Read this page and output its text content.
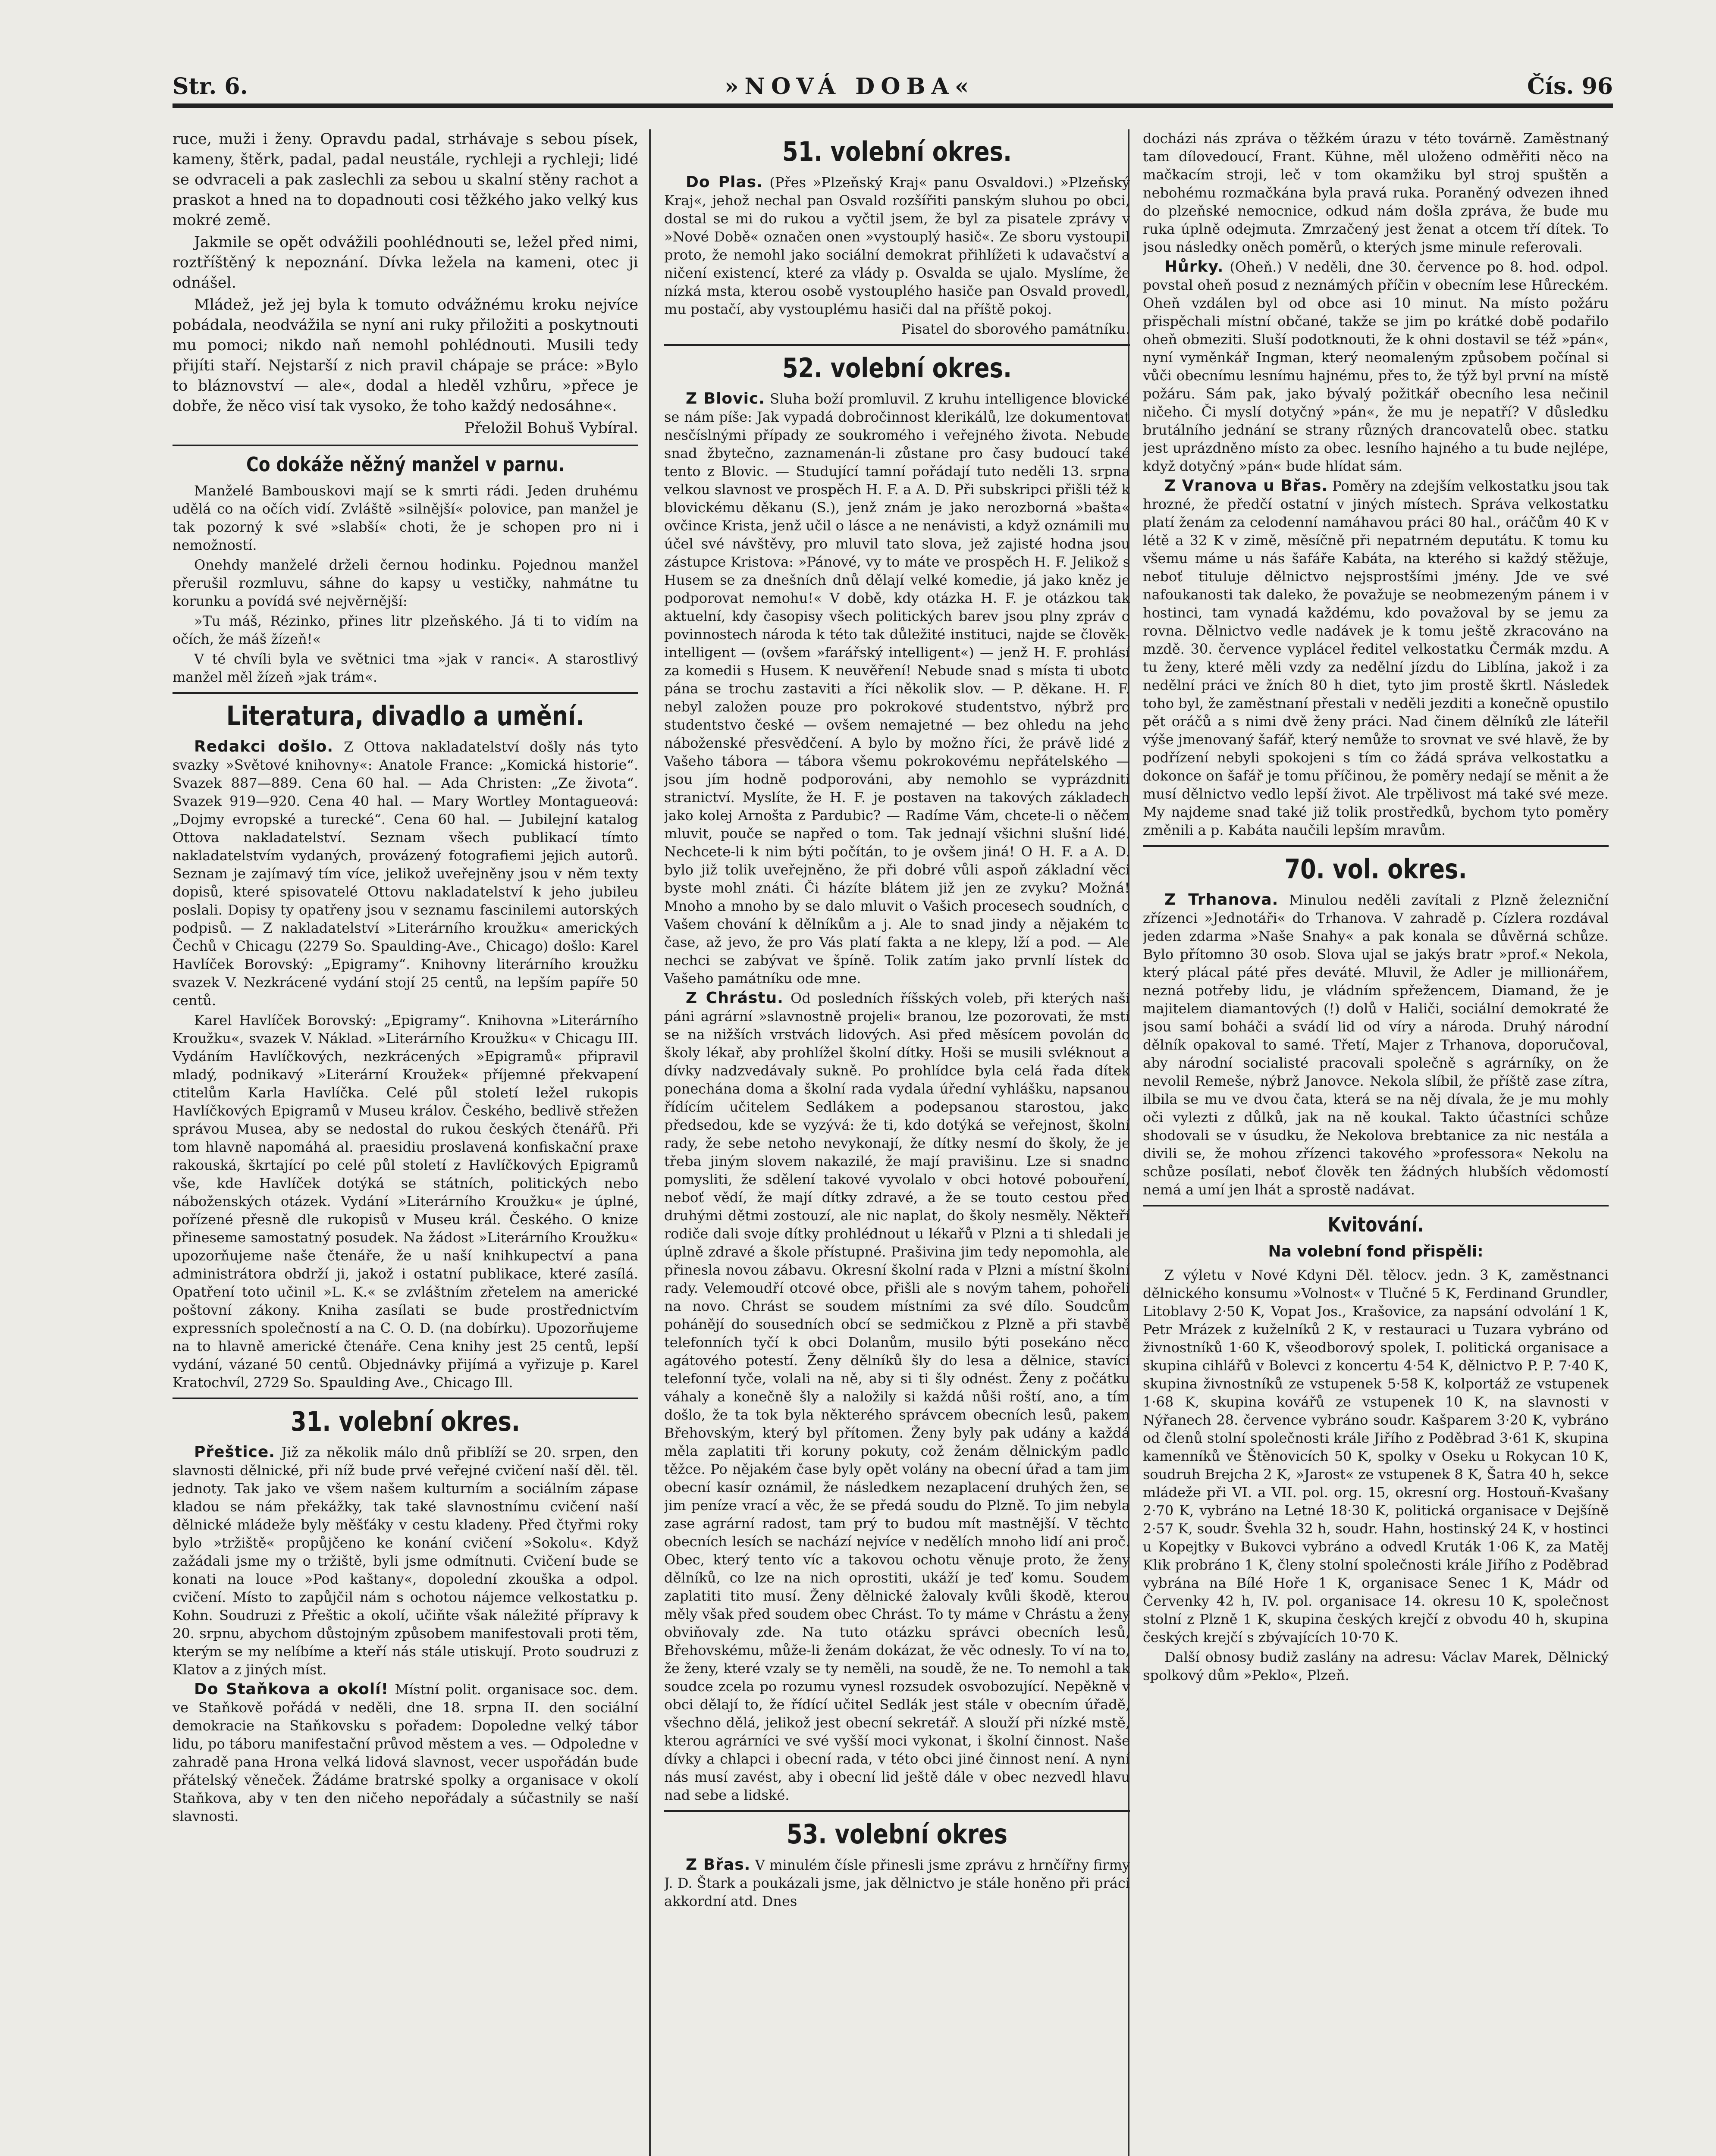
Str. 6.	»NOVÁ DOBA«	Čís. 96

ruce, muži i ženy. Opravdu padal, strhávaje s sebou písek, kameny, štěrk, padal, padal neustále, rychleji a rychleji; lidé se odvraceli a pak zaslechli za sebou u skalní stěny rachot a praskot a hned na to dopadnouti cosi těžkého jako velký kus mokré země.

Jakmile se opět odvážili poohlédnouti se, ležel před nimi, roztříštěný k nepoznání. Dívka ležela na kameni, otec ji odnášel.

Mládež, jež jej byla k tomuto odvážnému kroku nejvíce pobádala, neodvážila se nyní ani ruky přiložiti a poskytnouti mu pomoci; nikdo naň nemohl pohlédnouti. Musili tedy přijíti staří. Nejstarší z nich pravil chápaje se práce: »Bylo to bláznovství — ale«, dodal a hleděl vzhůru, »přece je dobře, že něco visí tak vysoko, že toho každý nedosáhne«.

Přeložil Bohuš Vybíral.

Co dokáže něžný manžel v parnu.

Manželé Bambouskovi mají se k smrti rádi. Jeden druhému udělá co na očích vidí. Zvláště »silnější« polovice, pan manžel je tak pozorný k své »slabší« choti, že je schopen pro ni i nemožností.

Onehdy manželé drželi černou hodinku. Pojednou manžel přerušil rozmluvu, sáhne do kapsy u vestičky, nahmátne tu korunku a povídá své nejvěrnější:

»Tu máš, Rézinko, přines litr plzeňského. Já ti to vidím na očích, že máš žízeň!«

V té chvíli byla ve světnici tma »jak v ranci«. A starostlivý manžel měl žízeň »jak trám«.

Literatura, divadlo a umění.

Redakci došlo. Z Ottova nakladatelství došly nás tyto svazky »Světové knihovny«: Anatole France: „Komická historie“. Svazek 887—889. Cena 60 hal. — Ada Christen: „Ze života“. Svazek 919—920. Cena 40 hal. — Mary Wortley Montagueová: „Dojmy evropské a turecké“. Cena 60 hal. — Jubilejní katalog Ottova nakladatelství. Seznam všech publikací tímto nakladatelstvím vydaných, provázený fotografiemi jejich autorů. Seznam je zajímavý tím více, jelikož uveřejněny jsou v něm texty dopisů, které spisovatelé Ottovu nakladatelství k jeho jubileu poslali. Dopisy ty opatřeny jsou v seznamu fascinilemi autorských podpisů. — Z nakladatelství »Literárního kroužku« amerických Čechů v Chicagu (2279 So. Spaulding-Ave., Chicago) došlo: Karel Havlíček Borovský: „Epigramy“. Knihovny literárního kroužku svazek V. Nezkrácené vydání stojí 25 centů, na lepším papíře 50 centů.

Karel Havlíček Borovský: „Epigramy“. Knihovna »Literárního Kroužku«, svazek V. Náklad. »Literárního Kroužku« v Chicagu III. Vydáním Havlíčkových, nezkrácených »Epigramů« připravil mladý, podnikavý »Literární Kroužek« příjemné překvapení ctitelům Karla Havlíčka. Celé půl století ležel rukopis Havlíčkových Epigramů v Museu králov. Českého, bedlivě střežen správou Musea, aby se nedostal do rukou českých čtenářů. Při tom hlavně napomáhá al. praesidiu proslavená konfiskační praxe rakouská, škrtající po celé půl století z Havlíčkových Epigramů vše, kde Havlíček dotýká se státních, politických nebo náboženských otázek. Vydání »Literárního Kroužku« je úplné, pořízené přesně dle rukopisů v Museu král. Českého. O knize přineseme samostatný posudek. Na žádost »Literárního Kroužku« upozorňujeme naše čtenáře, že u naší knihkupectví a pana administrátora obdrží ji, jakož i ostatní publikace, které zasílá. Opatření toto učinil »L. K.« se zvláštním zřetelem na americké poštovní zákony. Kniha zasílati se bude prostřednictvím expressních společností a na C. O. D. (na dobírku). Upozorňujeme na to hlavně americké čtenáře. Cena knihy jest 25 centů, lepší vydání, vázané 50 centů. Objednávky přijímá a vyřizuje p. Karel Kratochvíl, 2729 So. Spaulding Ave., Chicago Ill.

31. volební okres.

Přeštice. Již za několik málo dnů přiblíží se 20. srpen, den slavnosti dělnické, při níž bude prvé veřejné cvičení naší děl. těl. jednoty. Tak jako ve všem našem kulturním a sociálním zápase kladou se nám překážky, tak také slavnostnímu cvičení naší dělnické mládeže byly měšťáky v cestu kladeny. Před čtyřmi roky bylo »tržiště« propůjčeno ke konání cvičení »Sokolu«. Když zažádali jsme my o tržiště, byli jsme odmítnuti. Cvičení bude se konati na louce »Pod kaštany«, dopolední zkouška a odpol. cvičení. Místo to zapůjčil nám s ochotou nájemce velkostatku p. Kohn. Soudruzi z Přeštic a okolí, učiňte však náležité přípravy k 20. srpnu, abychom důstojným způsobem manifestovali proti těm, kterým se my nelíbíme a kteří nás stále utiskují. Proto soudruzi z Klatov a z jiných míst.

Do Staňkova a okolí! Místní polit. organisace soc. dem. ve Staňkově pořádá v neděli, dne 18. srpna II. den sociální demokracie na Staňkovsku s pořadem: Dopoledne velký tábor lidu, po táboru manifestační průvod městem a ves. — Odpoledne v zahradě pana Hrona velká lidová slavnost, vecer uspořádán bude přátelský věneček. Žádáme bratrské spolky a organisace v okolí Staňkova, aby v ten den ničeho nepořádaly a súčastnily se naší slavnosti.

51. volební okres.

Do Plas. (Přes »Plzeňský Kraj« panu Osvaldovi.) »Plzeňský Kraj«, jehož nechal pan Osvald rozšířiti panským sluhou po obci, dostal se mi do rukou a vyčtil jsem, že byl za pisatele zprávy v »Nové Době« označen onen »vystouplý hasič«. Ze sboru vystoupil proto, že nemohl jako sociální demokrat přihlížeti k udavačství a ničení existencí, které za vlády p. Osvalda se ujalo. Myslíme, že nízká msta, kterou osobě vystouplého hasiče pan Osvald provedl, mu postačí, aby vystouplému hasiči dal na příště pokoj.

Pisatel do sborového památníku.

52. volební okres.

Z Blovic. Sluha boží promluvil. Z kruhu intelligence blovické se nám píše: Jak vypadá dobročinnost klerikálů, lze dokumentovat nesčíslnými případy ze soukromého i veřejného života. Nebude snad žbytečno, zaznamenán-li zůstane pro časy budoucí také tento z Blovic. — Studující tamní pořádají tuto neděli 13. srpna velkou slavnost ve prospěch H. F. a A. D. Při subskripci přišli též k blovickému děkanu (S.), jenž znám je jako nerozborná »bašta« ovčince Krista, jenž učil o lásce a ne nenávisti, a když oznámili mu účel své návštěvy, pro mluvil tato slova, jež zajisté hodna jsou zástupce Kristova: »Pánové, vy to máte ve prospěch H. F. Jelikož s Husem se za dnešních dnů dělají velké komedie, já jako kněz je podporovat nemohu!« V době, kdy otázka H. F. je otázkou tak aktuelní, kdy časopisy všech politických barev jsou plny zpráv o povinnostech národa k této tak důležité instituci, najde se člověk-intelligent — (ovšem »farářský intelligent«) — jenž H. F. prohlásí za komedii s Husem. K neuvěření! Nebude snad s místa ti uboto pána se trochu zastaviti a říci několik slov. — P. děkane. H. F. nebyl založen pouze pro pokrokové studentstvo, nýbrž pro studentstvo české — ovšem nemajetné — bez ohledu na jeho náboženské přesvědčení. A bylo by možno říci, že právě lidé z Vašeho tábora — tábora všemu pokrokovému nepřátelského — jsou jím hodně podporováni, aby nemohlo se vyprázdniti stranictví. Myslíte, že H. F. je postaven na takových základech jako kolej Arnošta z Pardubic? — Radíme Vám, chcete-li o něčem mluvit, pouče se napřed o tom. Tak jednají všichni slušní lidé. Nechcete-li k nim býti počítán, to je ovšem jiná! O H. F. a A. D. bylo již tolik uveřejněno, že při dobré vůli aspoň základní věci byste mohl znáti. Či házíte blátem již jen ze zvyku? Možná! Mnoho a mnoho by se dalo mluvit o Vašich procesech soudních, o Vašem chování k dělníkům a j. Ale to snad jindy a nějakém to čase, až jevo, že pro Vás platí fakta a ne klepy, lží a pod. — Ale nechci se zabývat ve špíně. Tolik zatím jako prvnlí lístek do Vašeho památníku ode mne.

Z Chrástu. Od posledních říšských voleb, při kterých naši páni agrární »slavnostně projeli« branou, lze pozorovati, že mstí se na nižších vrstvách lidových. Asi před měsícem povolán do školy lékař, aby prohlížel školní dítky. Hoši se musili svléknout a dívky nadzvedávaly sukně. Po prohlídce byla celá řada dítek ponechána doma a školní rada vydala úřední vyhlášku, napsanou řídícím učitelem Sedlákem a podepsanou starostou, jako předsedou, kde se vyzývá: že ti, kdo dotýká se veřejnost, školní rady, že sebe netoho nevykonají, že dítky nesmí do školy, že je třeba jiným slovem nakazilé, že mají pravišinu. Lze si snadno pomysliti, že sdělení takové vyvolalo v obci hotové pobouření, neboť vědí, že mají dítky zdravé, a že se touto cestou před druhými dětmi zostouzí, ale nic naplat, do školy nesměly. Někteří rodiče dali svoje dítky prohlédnout u lékařů v Plzni a ti shledali je úplně zdravé a škole přístupné. Prašivina jim tedy nepomohla, ale přinesla novou zábavu. Okresní školní rada v Plzni a místní školní rady. Velemoudří otcové obce, přišli ale s novým tahem, pohořeli na novo. Chrást se soudem místními za své dílo. Soudcům pohánějí do sousedních obcí se sedmičkou z Plzně a při stavbě telefonních tyčí k obci Dolanům, musilo býti posekáno něco agátového potestí. Ženy dělníků šly do lesa a dělnice, stavící telefonní tyče, volali na ně, aby si ti šly odnést. Ženy z počátku váhaly a konečně šly a naložily si každá nůši roští, ano, a tím došlo, že ta tok byla některého správcem obecních lesů, pakem Břehovským, který byl přítomen. Ženy byly pak udány a každá měla zaplatiti tři koruny pokuty, což ženám dělnickým padlo těžce. Po nějakém čase byly opět volány na obecní úřad a tam jim obecní kasír oznámil, že následkem nezaplacení druhých žen, se jim peníze vrací a věc, že se předá soudu do Plzně. To jim nebyla zase agrární radost, tam prý to budou mít mastnější. V těchto obecních lesích se nachází nejvíce v nedělích mnoho lidí ani proč. Obec, který tento víc a takovou ochotu věnuje proto, že ženy dělníků, co lze na nich oprostiti, ukáží je teď komu. Soudem zaplatiti tito musí. Ženy dělnické žalovaly kvůli škodě, kterou měly však před soudem obec Chrást. To ty máme v Chrástu a ženy obviňovaly zde. Na tuto otázku správci obecních lesů, Břehovskému, může-li ženám dokázat, že věc odnesly. To ví na to, že ženy, které vzaly se ty neměli, na soudě, že ne. To nemohl a tak soudce zcela po rozumu vynesl rozsudek osvobozující. Nepěkně v obci dělají to, že řídící učitel Sedlák jest stále v obecním úřadě, všechno dělá, jelikož jest obecní sekretář. A slouží při nízké mstě, kterou agrárníci ve své vyšší moci vykonat, i školní činnost. Naše dívky a chlapci i obecní rada, v této obci jiné činnost není. A nyní nás musí zavést, aby i obecní lid ještě dále v obec nezvedl hlavu nad sebe a lidské.

53. volební okres

Z Břas. V minulém čísle přinesli jsme zprávu z hrnčířny firmy J. D. Štark a poukázali jsme, jak dělnictvo je stále honěno při práci akkordní atd. Dnes

docházi nás zpráva o těžkém úrazu v této továrně. Zaměstnaný tam dílovedoucí, Frant. Kühne, měl uloženo odměřiti něco na mačkacím stroji, leč v tom okamžiku byl stroj spuštěn a nebohému rozmačkána byla pravá ruka. Poraněný odvezen ihned do plzeňské nemocnice, odkud nám došla zpráva, že bude mu ruka úplně odejmuta. Zmrzačený jest ženat a otcem tří dítek. To jsou následky oněch poměrů, o kterých jsme minule referovali.

Hůrky. (Oheň.) V neděli, dne 30. července po 8. hod. odpol. povstal oheň posud z neznámých příčin v obecním lese Hůreckém. Oheň vzdálen byl od obce asi 10 minut. Na místo požáru přispěchali místní občané, takže se jim po krátké době podařilo oheň obmeziti. Sluší podotknouti, že k ohni dostavil se též »pán«, nyní vyměnkář Ingman, který neomaleným způsobem počínal si vůči obecnímu lesnímu hajnému, přes to, že týž byl první na místě požáru. Sám pak, jako bývalý požitkář obecního lesa nečinil ničeho. Či myslí dotyčný »pán«, že mu je nepatří? V důsledku brutálního jednání se strany různých drancovatelů obec. statku jest uprázdněno místo za obec. lesního hajného a tu bude nejlépe, když dotyčný »pán« bude hlídat sám.

Z Vranova u Břas. Poměry na zdejším velkostatku jsou tak hrozné, že předčí ostatní v jiných místech. Správa velkostatku platí ženám za celodenní namáhavou práci 80 hal., oráčům 40 K v létě a 32 K v zimě, měsíčně při nepatrném deputátu. K tomu ku všemu máme u nás šafáře Kabáta, na kterého si každý stěžuje, neboť tituluje dělnictvo nejsprostšími jmény. Jde ve své nafoukanosti tak daleko, že považuje se neobmezeným pánem i v hostinci, tam vynadá každému, kdo považoval by se jemu za rovna. Dělnictvo vedle nadávek je k tomu ještě zkracováno na mzdě. 30. července vyplácel ředitel velkostatku Čermák mzdu. A tu ženy, které měli vzdy za nedělní jízdu do Liblína, jakož i za nedělní práci ve žních 80 h diet, tyto jim prostě škrtl. Následek toho byl, že zaměstnaní přestali v neděli jezditi a konečně opustilo pět oráčů a s nimi dvě ženy práci. Nad činem dělníků zle láteřil výše jmenovaný šafář, který nemůže to srovnat ve své hlavě, že by podřízení nebyli spokojeni s tím co žádá správa velkostatku a dokonce on šafář je tomu příčinou, že poměry nedají se měnit a že musí dělnictvo vedlo lepší život. Ale trpělivost má také své meze. My najdeme snad také již tolik prostředků, bychom tyto poměry změnili a p. Kabáta naučili lepším mravům.

70. vol. okres.

Z Trhanova. Minulou neděli zavítali z Plzně železniční zřízenci »Jednotáři« do Trhanova. V zahradě p. Cízlera rozdával jeden zdarma »Naše Snahy« a pak konala se důvěrná schůze. Bylo přítomno 30 osob. Slova ujal se jakýs bratr »prof.« Nekola, který plácal páté přes deváté. Mluvil, že Adler je millionářem, nezná potřeby lidu, je vládním spřežencem, Diamand, že je majitelem diamantových (!) dolů v Haliči, sociální demokraté že jsou samí boháči a svádí lid od víry a národa. Druhý národní dělník opakoval to samé. Třetí, Majer z Trhanova, doporučoval, aby národní socialisté pracovali společně s agrárníky, on že nevolil Remeše, nýbrž Janovce. Nekola slíbil, že příště zase zítra, ilbila se mu ve dvou čata, která se na něj dívala, že je mu mohly oči vylezti z důlků, jak na ně koukal. Takto účastníci schůze shodovali se v úsudku, že Nekolova brebtanice za nic nestála a divili se, že mohou zřízenci takového »professora« Nekolu na schůze posílati, neboť člověk ten žádných hlubších vědomostí nemá a umí jen lhát a sprostě nadávat.

Kvitování.
Na volební fond přispěli:

Z výletu v Nové Kdyni Děl. tělocv. jedn. 3 K, zaměstnanci dělnického konsumu »Volnost« v Tlučné 5 K, Ferdinand Grundler, Litoblavy 2·50 K, Vopat Jos., Krašovice, za napsání odvolání 1 K, Petr Mrázek z kuželníků 2 K, v restauraci u Tuzara vybráno od živnostníků 1·60 K, všeodborový spolek, I. politická organisace a skupina cihlářů v Bolevci z koncertu 4·54 K, dělnictvo P. P. 7·40 K, skupina živnostníků ze vstupenek 5·58 K, kolportáž ze vstupenek 1·68 K, skupina kovářů ze vstupenek 10 K, na slavnosti v Nýřanech 28. července vybráno soudr. Kašparem 3·20 K, vybráno od členů stolní společnosti krále Jiřího z Poděbrad 3·61 K, skupina kamenníků ve Štěnovicích 50 K, spolky v Oseku u Rokycan 10 K, soudruh Brejcha 2 K, »Jarost« ze vstupenek 8 K, Šatra 40 h, sekce mládeže při VI. a VII. pol. org. 15, okresní org. Hostouň-Kvašany 2·70 K, vybráno na Letné 18·30 K, politická organisace v Dejšíně 2·57 K, soudr. Švehla 32 h, soudr. Hahn, hostinský 24 K, v hostinci u Kopejtky v Bukovci vybráno a odvedl Kruták 1·06 K, za Matěj Klik probráno 1 K, členy stolní společnosti krále Jiřího z Poděbrad vybrána na Bílé Hoře 1 K, organisace Senec 1 K, Mádr od Červenky 42 h, IV. pol. organisace 14. okresu 10 K, společnost stolní z Plzně 1 K, skupina českých krejčí z obvodu 40 h, skupina českých krejčí s zbývajících 10·70 K.

Další obnosy budiž zaslány na adresu: Václav Marek, Dělnický spolkový dům »Peklo«, Plzeň.
